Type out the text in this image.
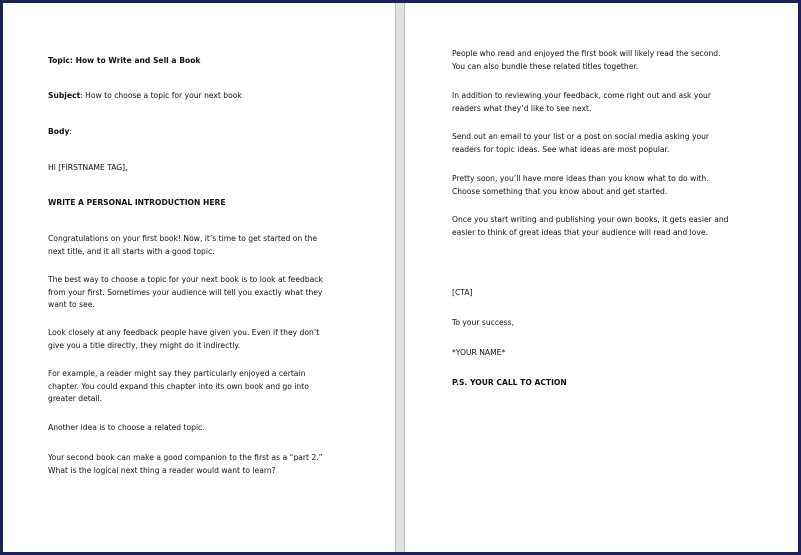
Topic: How to Write and Sell a Book
Subject: How to choose a topic for your next book
Body:
Hi [FIRSTNAME TAG],
WRITE A PERSONAL INTRODUCTION HERE
Congratulations on your first book! Now, it’s time to get started on the
next title, and it all starts with a good topic.
The best way to choose a topic for your next book is to look at feedback
from your first. Sometimes your audience will tell you exactly what they
want to see.
Look closely at any feedback people have given you. Even if they don’t
give you a title directly, they might do it indirectly.
For example, a reader might say they particularly enjoyed a certain
chapter. You could expand this chapter into its own book and go into
greater detail.
Another idea is to choose a related topic.
Your second book can make a good companion to the first as a “part 2.”
What is the logical next thing a reader would want to learn?
People who read and enjoyed the first book will likely read the second.
You can also bundle these related titles together.
In addition to reviewing your feedback, come right out and ask your
readers what they’d like to see next.
Send out an email to your list or a post on social media asking your
readers for topic ideas. See what ideas are most popular.
Pretty soon, you’ll have more ideas than you know what to do with.
Choose something that you know about and get started.
Once you start writing and publishing your own books, it gets easier and
easier to think of great ideas that your audience will read and love.
[CTA]
To your success,
*YOUR NAME*
P.S. YOUR CALL TO ACTION
